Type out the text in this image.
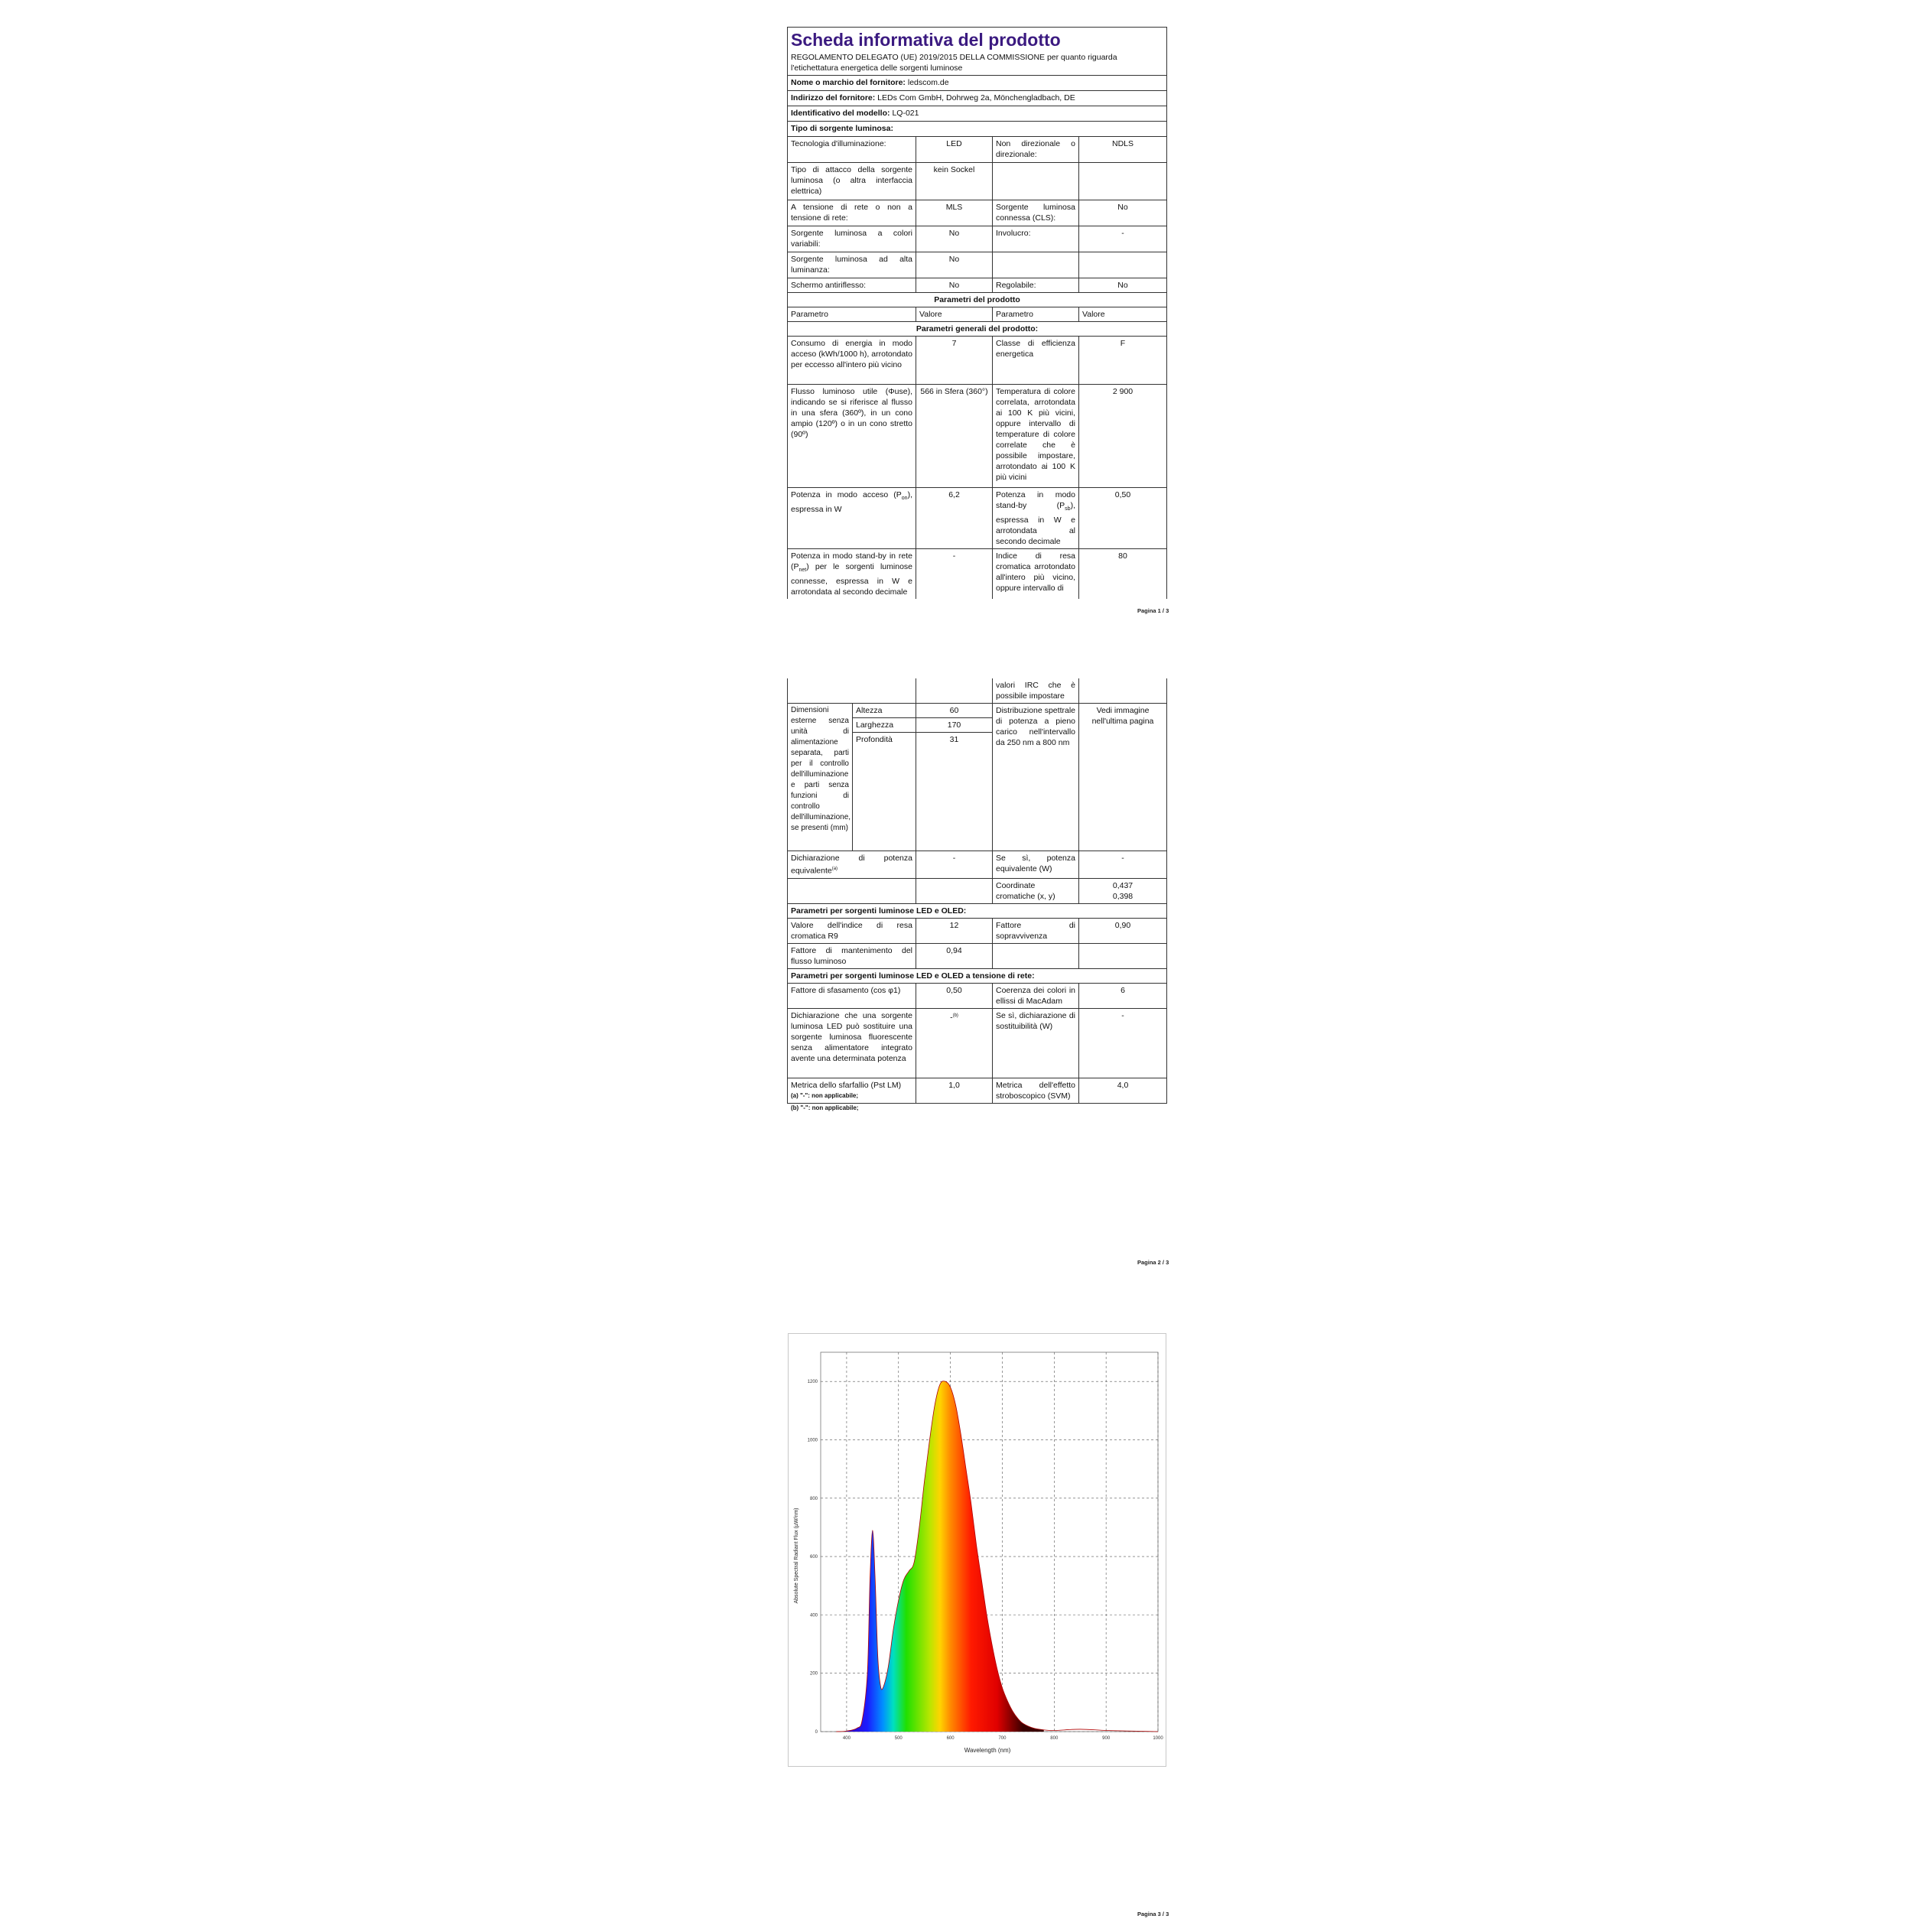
Scheda informativa del prodotto			
REGOLAMENTO DELEGATO (UE) 2019/2015 DELLA COMMISSIONE per quanto riguarda l'etichettatura energetica delle sorgenti luminose			
Nome o marchio del fornitore: ledscom.de			
Indirizzo del fornitore: LEDs Com GmbH, Dohrweg 2a, Mönchengladbach, DE			
Identificativo del modello: LQ-021			
Tipo di sorgente luminosa:			
Tecnologia d'illuminazione:	LED	Non direzionale o direzionale:	NDLS
Tipo di attacco della sorgente luminosa (o altra interfaccia elettrica)	kein Sockel		
A tensione di rete o non a tensione di rete:	MLS	Sorgente luminosa connessa (CLS):	No
Sorgente luminosa a colori variabili:	No	Involucro:	-
Sorgente luminosa ad alta luminanza:	No		
Schermo antiriflesso:	No	Regolabile:	No
Parametri del prodotto			
Parametro	Valore	Parametro	Valore
Parametri generali del prodotto:			
Consumo di energia in modo acceso (kWh/1000 h), arrotondato per eccesso all'intero più vicino	7	Classe di efficienza energetica	F
Flusso luminoso utile (Φuse), indicando se si riferisce al flusso in una sfera (360º), in un cono ampio (120º) o in un cono stretto (90º)	566 in Sfera (360°)	Temperatura di colore correlata, arrotondata ai 100 K più vicini, oppure intervallo di temperature di colore correlate che è possibile impostare, arrotondato ai 100 K più vicini	2 900
Potenza in modo acceso $(P_{on})$, espressa in W	6,2	Potenza in modo stand-by $(P_{sb})$, espressa in W e arrotondata al secondo decimale	0,50
Potenza in modo stand-by in rete $(P_{net})$ per le sorgenti luminose connesse, espressa in W e arrotondata al secondo decimale	-	Indice di resa cromatica arrotondato all'intero più vicino, oppure intervallo di	80
Pagina 1 / 3
			valori IRC che è possibile impostare	
Dimensioni esterne senza unità di alimentazione separata, parti per il controllo dell'illuminazione e parti senza funzioni di controllo dell'illuminazione, se presenti (mm)	Altezza	60	Distribuzione spettrale di potenza a pieno carico nell'intervallo da 250 nm a 800 nm	Vedi immagine nell'ultima pagina
	Larghezza	170		
	Profondità	31		
Dichiarazione di potenza equivalente$^{(a)}$		-	Se sì, potenza equivalente (W)	-
			Coordinate cromatiche (x, y)	0,437
0,398

Parametri per sorgenti luminose LED e OLED:				
Valore dell'indice di resa cromatica R9		12	Fattore di sopravvivenza	0,90
Fattore di mantenimento del flusso luminoso		0,94		
Parametri per sorgenti luminose LED e OLED a tensione di rete:				
Fattore di sfasamento (cos φ1)		0,50	Coerenza dei colori in ellissi di MacAdam	6
Dichiarazione che una sorgente luminosa LED può sostituire una sorgente luminosa fluorescente senza alimentatore integrato avente una determinata potenza		-$^{(b)}$	Se sì, dichiarazione di sostituibilità (W)	-
Metrica dello sfarfallio (Pst LM)		1,0	Metrica dell'effetto stroboscopico (SVM)	4,0
(a) "-": non applicabile;
(b) "-": non applicabile;
Pagina 2 / 3
400	500	600	700	800	900	1000
0
200
400
600
800
1000
1200
Wavelength (nm)
Absolute Spectral Radiant Flux (µW/nm)
Pagina 3 / 3
